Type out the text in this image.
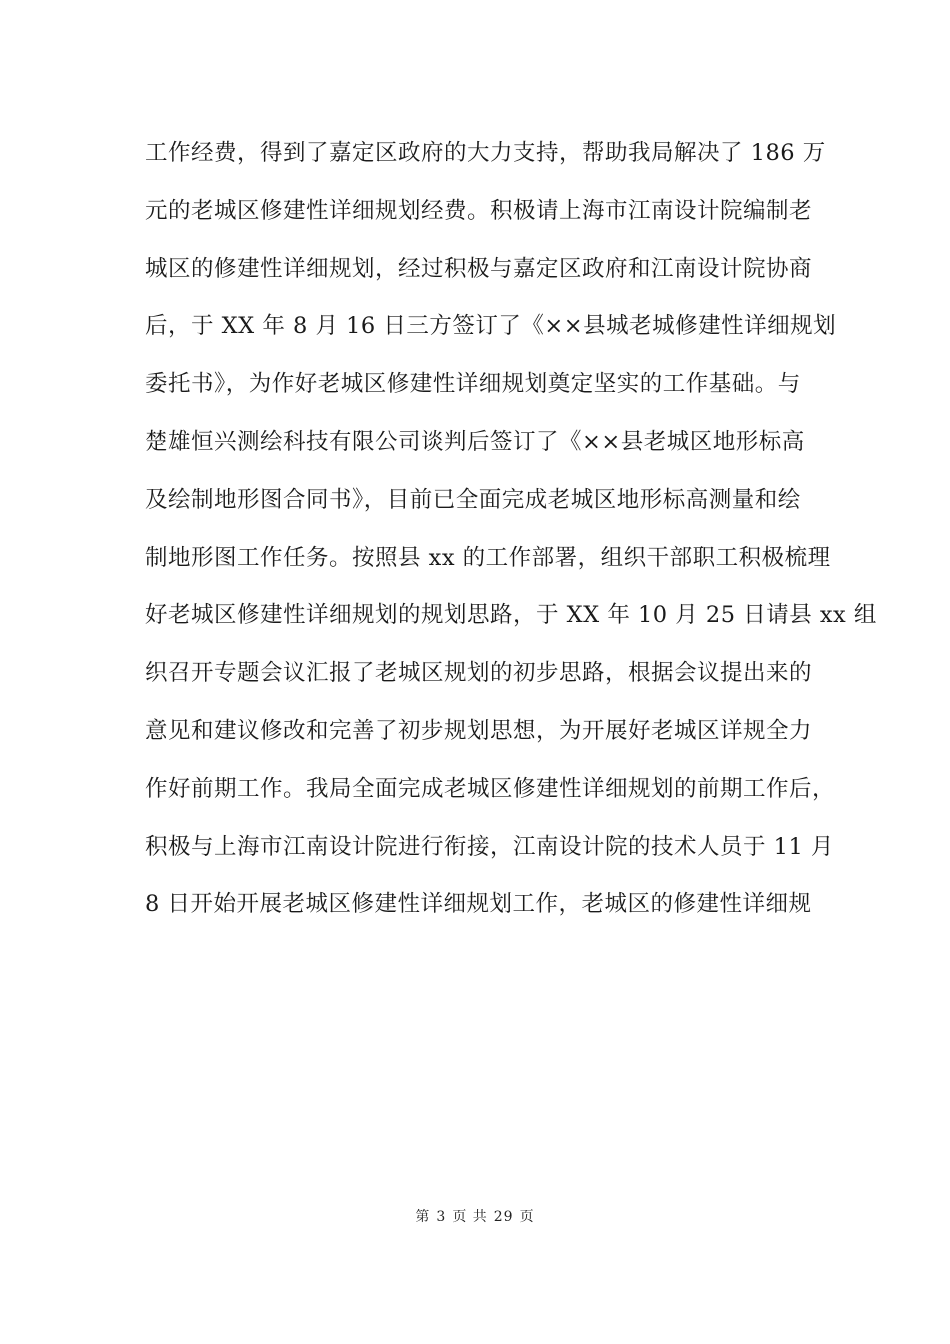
工作经费，得到了嘉定区政府的大力支持，帮助我局解决了 186 万
元的老城区修建性详细规划经费。积极请上海市江南设计院编制老
城区的修建性详细规划，经过积极与嘉定区政府和江南设计院协商
后，于 XX 年 8 月 16 日三方签订了《××县城老城修建性详细规划
委托书》，为作好老城区修建性详细规划奠定坚实的工作基础。与
楚雄恒兴测绘科技有限公司谈判后签订了《××县老城区地形标高
及绘制地形图合同书》，目前已全面完成老城区地形标高测量和绘
制地形图工作任务。按照县 xx 的工作部署，组织干部职工积极梳理
好老城区修建性详细规划的规划思路，于 XX 年 10 月 25 日请县 xx 组
织召开专题会议汇报了老城区规划的初步思路，根据会议提出来的
意见和建议修改和完善了初步规划思想，为开展好老城区详规全力
作好前期工作。我局全面完成老城区修建性详细规划的前期工作后，
积极与上海市江南设计院进行衔接，江南设计院的技术人员于 11 月
8 日开始开展老城区修建性详细规划工作，老城区的修建性详细规
第 3 页 共 29 页
